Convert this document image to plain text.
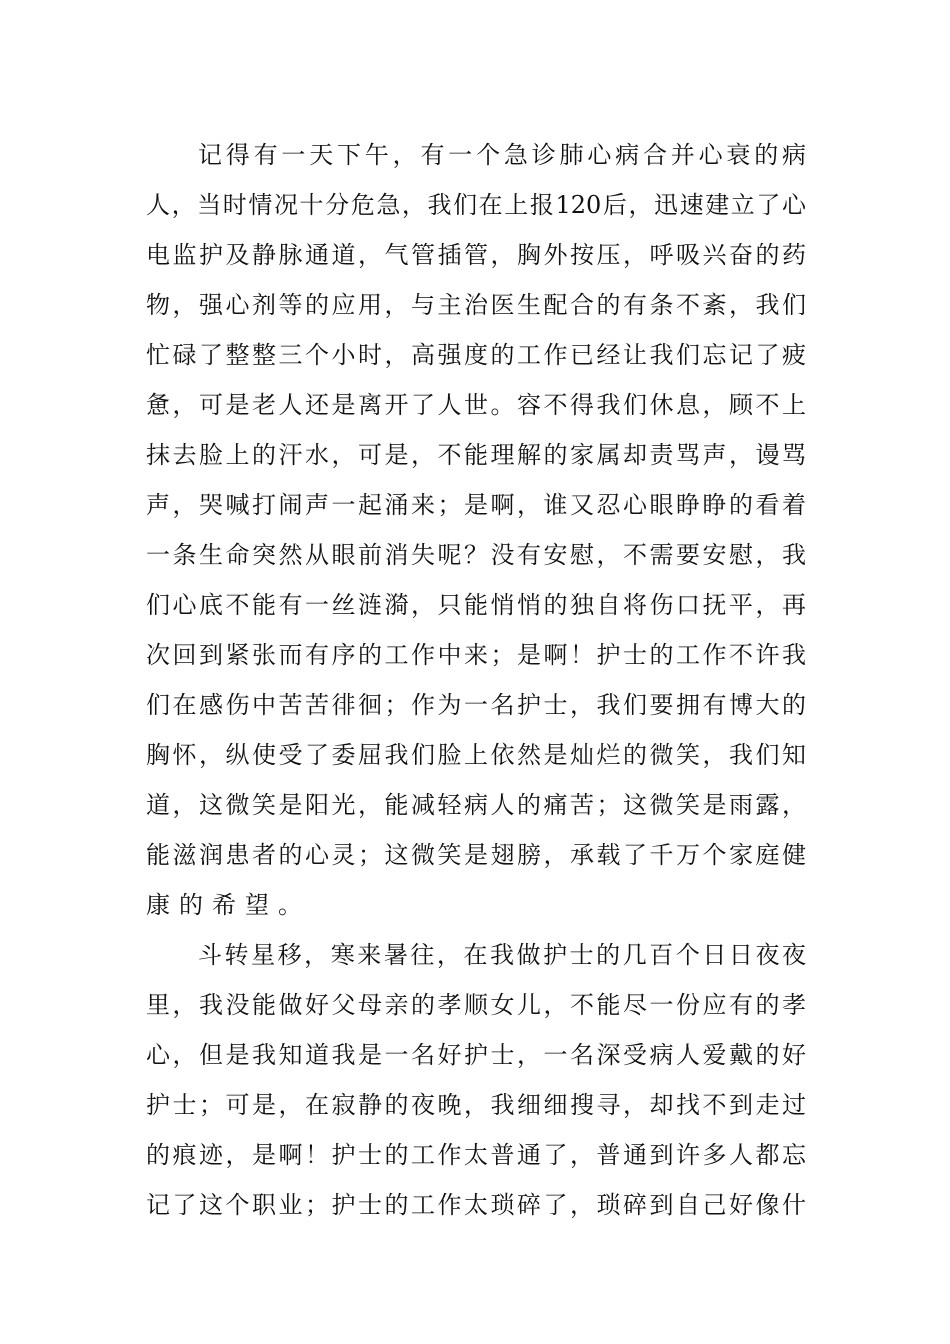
记得有一天下午，有一个急诊肺心病合并心衰的病
人，当时情况十分危急，我们在上报120后，迅速建立了心
电监护及静脉通道，气管插管，胸外按压，呼吸兴奋的药
物，强心剂等的应用，与主治医生配合的有条不紊，我们
忙碌了整整三个小时，高强度的工作已经让我们忘记了疲
惫，可是老人还是离开了人世。容不得我们休息，顾不上
抹去脸上的汗水，可是，不能理解的家属却责骂声，谩骂
声，哭喊打闹声一起涌来；是啊，谁又忍心眼睁睁的看着
一条生命突然从眼前消失呢？没有安慰，不需要安慰，我
们心底不能有一丝涟漪，只能悄悄的独自将伤口抚平，再
次回到紧张而有序的工作中来；是啊！护士的工作不许我
们在感伤中苦苦徘徊；作为一名护士，我们要拥有博大的
胸怀，纵使受了委屈我们脸上依然是灿烂的微笑，我们知
道，这微笑是阳光，能减轻病人的痛苦；这微笑是雨露，
能滋润患者的心灵；这微笑是翅膀，承载了千万个家庭健
康的希望。
斗转星移，寒来暑往，在我做护士的几百个日日夜夜
里，我没能做好父母亲的孝顺女儿，不能尽一份应有的孝
心，但是我知道我是一名好护士，一名深受病人爱戴的好
护士；可是，在寂静的夜晚，我细细搜寻，却找不到走过
的痕迹，是啊！护士的工作太普通了，普通到许多人都忘
记了这个职业；护士的工作太琐碎了，琐碎到自己好像什
